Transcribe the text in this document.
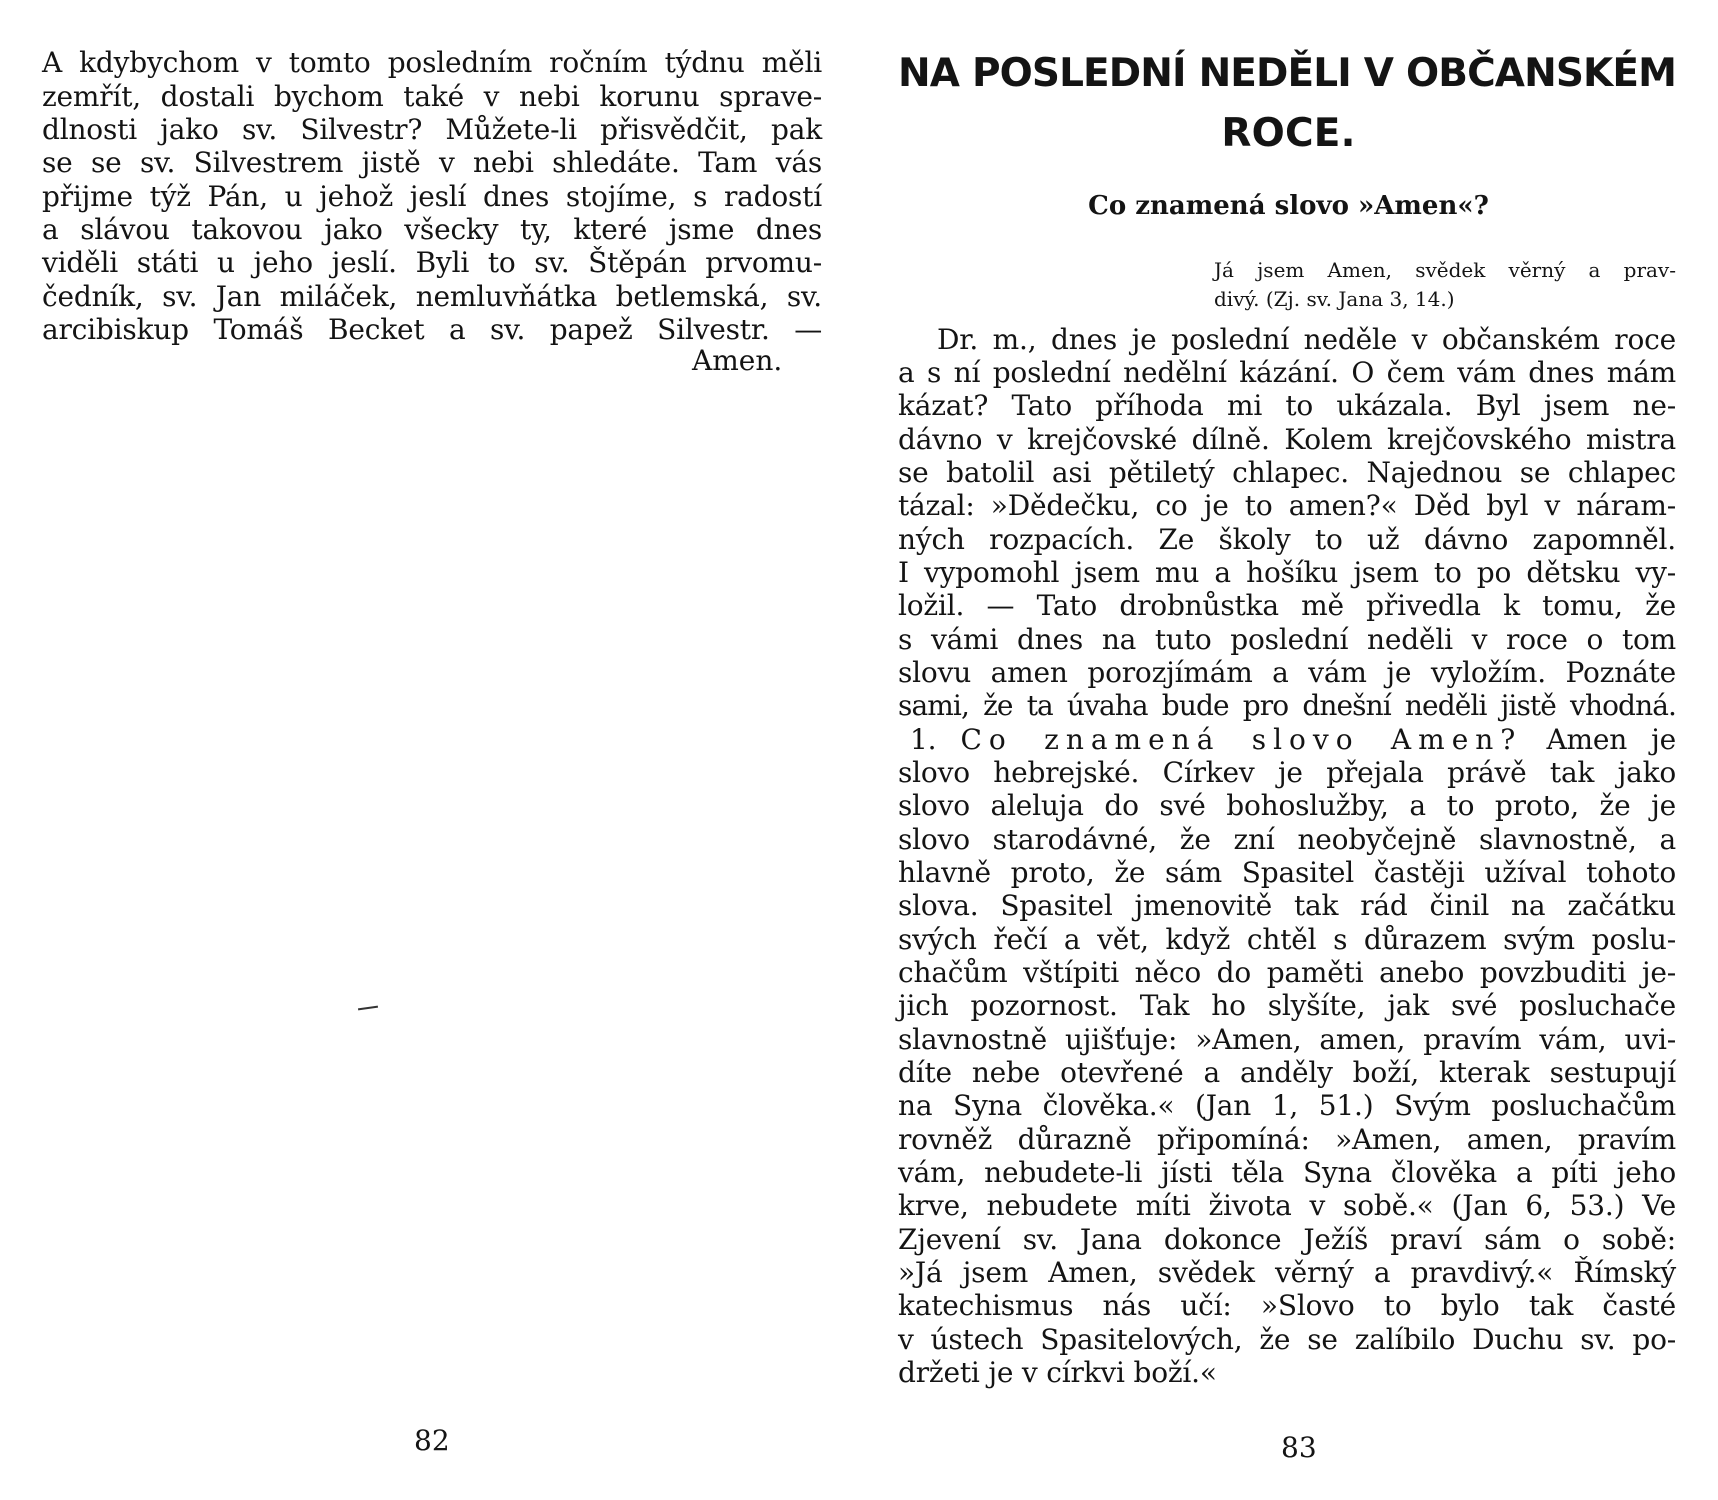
A kdybychom v tomto posledním ročním týdnu měli

zemřít, dostali bychom také v nebi korunu sprave-

dlnosti jako sv. Silvestr? Můžete-li přisvědčit, pak

se se sv. Silvestrem jistě v nebi shledáte. Tam vás

přijme týž Pán, u jehož jeslí dnes stojíme, s radostí

a slávou takovou jako všecky ty, které jsme dnes

viděli státi u jeho jeslí. Byli to sv. Štěpán prvomu-

čedník, sv. Jan miláček, nemluvňátka betlemská, sv.

arcibiskup Tomáš Becket a sv. papež Silvestr. —

Amen.

82

NA POSLEDNÍ NEDĚLI V OBČANSKÉM
ROCE.
Co znamená slovo »Amen«?

Já jsem Amen, svědek věrný a prav-

divý. (Zj. sv. Jana 3, 14.)

Dr. m., dnes je poslední neděle v občanském roce

a s ní poslední nedělní kázání. O čem vám dnes mám

kázat? Tato příhoda mi to ukázala. Byl jsem ne-

dávno v krejčovské dílně. Kolem krejčovského mistra

se batolil asi pětiletý chlapec. Najednou se chlapec

tázal: »Dědečku, co je to amen?« Děd byl v náram-

ných rozpacích. Ze školy to už dávno zapomněl.

I vypomohl jsem mu a hošíku jsem to po dětsku vy-

ložil. — Tato drobnůstka mě přivedla k tomu, že

s vámi dnes na tuto poslední neděli v roce o tom

slovu amen porozjímám a vám je vyložím. Poznáte

sami, že ta úvaha bude pro dnešní neděli jistě vhodná.

1. Co znamená slovo Amen? Amen je

slovo hebrejské. Církev je přejala právě tak jako

slovo aleluja do své bohoslužby, a to proto, že je

slovo starodávné, že zní neobyčejně slavnostně, a

hlavně proto, že sám Spasitel častěji užíval tohoto

slova. Spasitel jmenovitě tak rád činil na začátku

svých řečí a vět, když chtěl s důrazem svým poslu-

chačům vštípiti něco do paměti anebo povzbuditi je-

jich pozornost. Tak ho slyšíte, jak své posluchače

slavnostně ujišťuje: »Amen, amen, pravím vám, uvi-

díte nebe otevřené a anděly boží, kterak sestupují

na Syna člověka.« (Jan 1, 51.) Svým posluchačům

rovněž důrazně připomíná: »Amen, amen, pravím

vám, nebudete-li jísti těla Syna člověka a píti jeho

krve, nebudete míti života v sobě.« (Jan 6, 53.) Ve

Zjevení sv. Jana dokonce Ježíš praví sám o sobě:

»Já jsem Amen, svědek věrný a pravdivý.« Římský

katechismus nás učí: »Slovo to bylo tak časté

v ústech Spasitelových, že se zalíbilo Duchu sv. po-

držeti je v církvi boží.«

83
